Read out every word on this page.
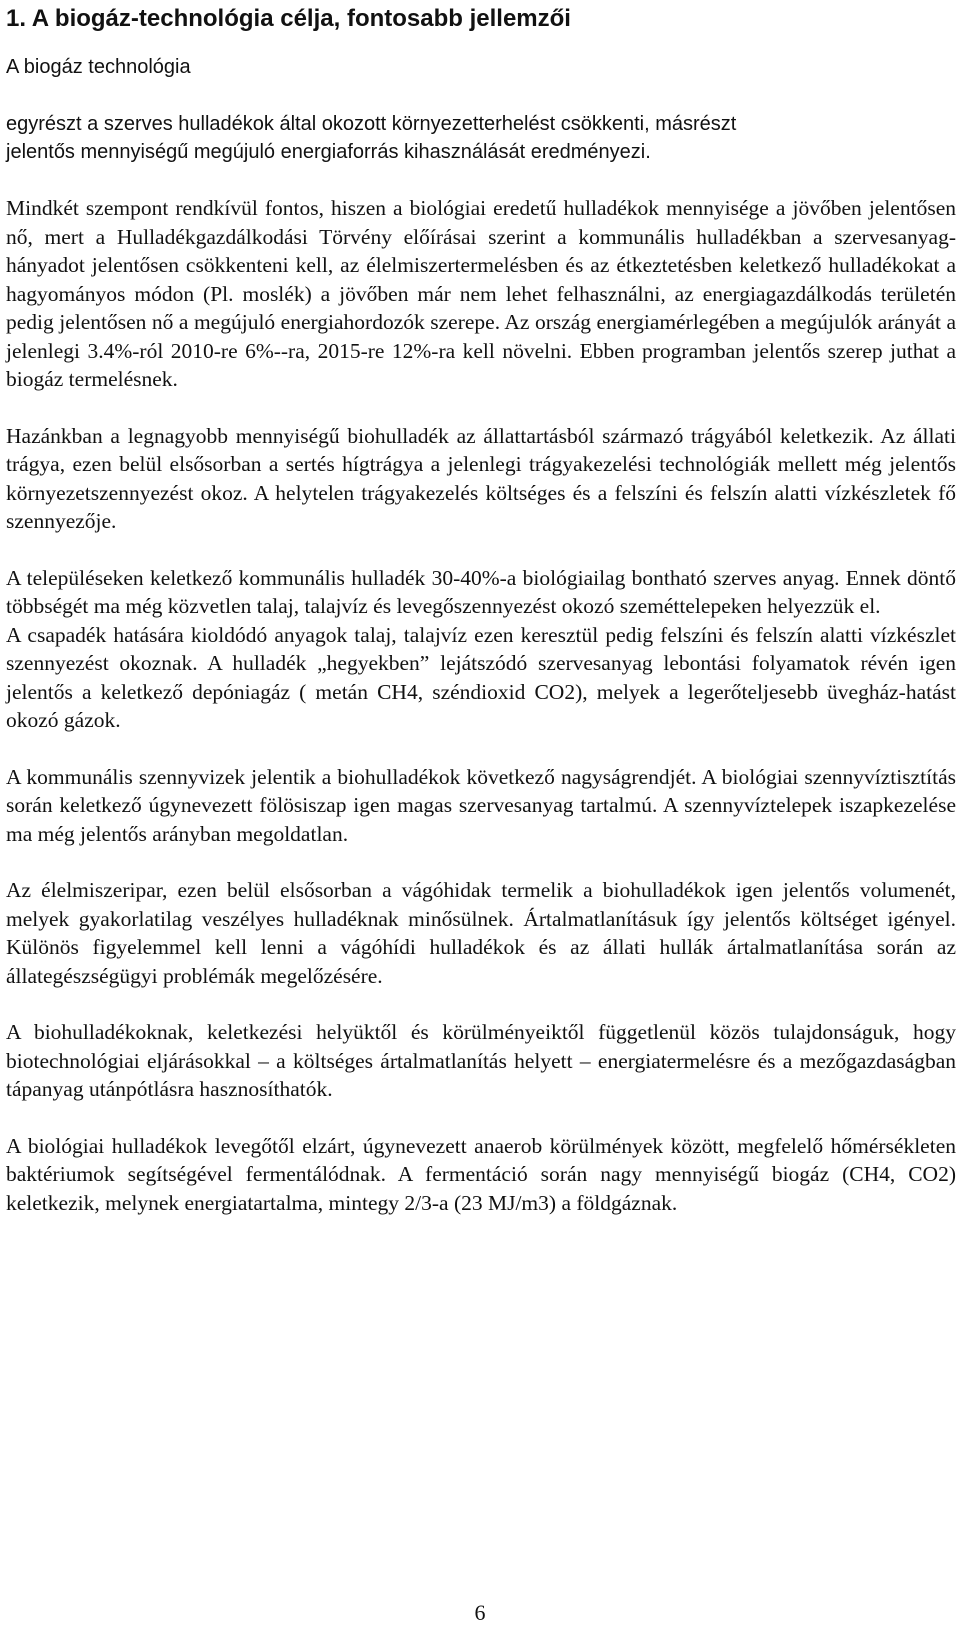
1. A biogáz-technológia célja, fontosabb jellemzői

A biogáz technológia

egyrészt a szerves hulladékok által okozott környezetterhelést csökkenti, másrészt
jelentős mennyiségű megújuló energiaforrás kihasználását eredményezi.

Mindkét szempont rendkívül fontos, hiszen a biológiai eredetű hulladékok mennyisége a jövőben jelentősen nő, mert a Hulladékgazdálkodási Törvény előírásai szerint a kommunális hulladékban a szervesanyag-hányadot jelentősen csökkenteni kell, az élelmiszertermelésben és az étkeztetésben keletkező hulladékokat a hagyományos módon (Pl. moslék) a jövőben már nem lehet felhasználni, az energiagazdálkodás területén pedig jelentősen nő a megújuló energiahordozók szerepe. Az ország energiamérlegében a megújulók arányát a jelenlegi 3.4%-ról 2010-re 6%--ra, 2015-re 12%-ra kell növelni. Ebben programban jelentős szerep juthat a biogáz termelésnek.

Hazánkban a legnagyobb mennyiségű biohulladék az állattartásból származó trágyából keletkezik. Az állati trágya, ezen belül elsősorban a sertés hígtrágya a jelenlegi trágyakezelési technológiák mellett még jelentős környezetszennyezést okoz. A helytelen trágyakezelés költséges és a felszíni és felszín alatti vízkészletek fő szennyezője.

A településeken keletkező kommunális hulladék 30-40%-a biológiailag bontható szerves anyag. Ennek döntő többségét ma még közvetlen talaj, talajvíz és levegőszennyezést okozó szeméttelepeken helyezzük el.

A csapadék hatására kioldódó anyagok talaj, talajvíz ezen keresztül pedig felszíni és felszín alatti vízkészlet szennyezést okoznak. A hulladék „hegyekben” lejátszódó szervesanyag lebontási folyamatok révén igen jelentős a keletkező depóniagáz ( metán CH4, széndioxid CO2), melyek a legerőteljesebb üvegház-hatást okozó gázok.

A kommunális szennyvizek jelentik a biohulladékok következő nagyságrendjét. A biológiai szennyvíztisztítás során keletkező úgynevezett fölösiszap igen magas szervesanyag tartalmú. A szennyvíztelepek iszapkezelése ma még jelentős arányban megoldatlan.

Az élelmiszeripar, ezen belül elsősorban a vágóhidak termelik a biohulladékok igen jelentős volumenét, melyek gyakorlatilag veszélyes hulladéknak minősülnek. Ártalmatlanításuk így jelentős költséget igényel. Különös figyelemmel kell lenni a vágóhídi hulladékok és az állati hullák ártalmatlanítása során az állategészségügyi problémák megelőzésére.

A biohulladékoknak, keletkezési helyüktől és körülményeiktől függetlenül közös tulajdonságuk, hogy biotechnológiai eljárásokkal – a költséges ártalmatlanítás helyett – energiatermelésre és a mezőgazdaságban tápanyag utánpótlásra hasznosíthatók.

A biológiai hulladékok levegőtől elzárt, úgynevezett anaerob körülmények között, megfelelő hőmérsékleten baktériumok segítségével fermentálódnak. A fermentáció során nagy mennyiségű biogáz (CH4, CO2) keletkezik, melynek energiatartalma, mintegy 2/3-a (23 MJ/m3) a földgáznak.

6
